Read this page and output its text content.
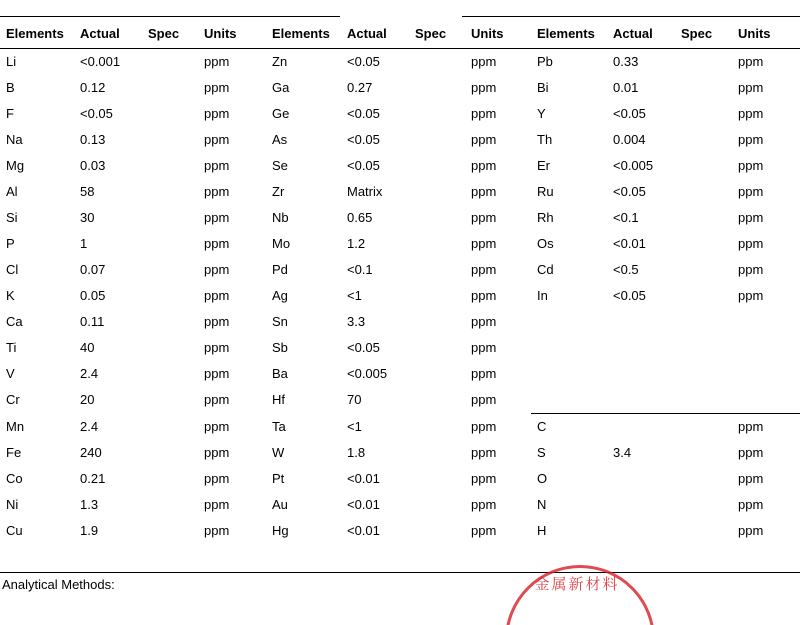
Elements	Actual	Spec	Units	Elements	Actual	Spec	Units	Elements	Actual	Spec	Units
Li	<0.001		ppm	Zn	<0.05		ppm	Pb	0.33		ppm
B	0.12		ppm	Ga	0.27		ppm	Bi	0.01		ppm
F	<0.05		ppm	Ge	<0.05		ppm	Y	<0.05		ppm
Na	0.13		ppm	As	<0.05		ppm	Th	0.004		ppm
Mg	0.03		ppm	Se	<0.05		ppm	Er	<0.005		ppm
Al	58		ppm	Zr	Matrix		ppm	Ru	<0.05		ppm
Si	30		ppm	Nb	0.65		ppm	Rh	<0.1		ppm
P	1		ppm	Mo	1.2		ppm	Os	<0.01		ppm
Cl	0.07		ppm	Pd	<0.1		ppm	Cd	<0.5		ppm
K	0.05		ppm	Ag	<1		ppm	In	<0.05		ppm
Ca	0.11		ppm	Sn	3.3		ppm				
Ti	40		ppm	Sb	<0.05		ppm				
V	2.4		ppm	Ba	<0.005		ppm				
Cr	20		ppm	Hf	70		ppm				
Mn	2.4		ppm	Ta	<1		ppm	C			ppm
Fe	240		ppm	W	1.8		ppm	S	3.4		ppm
Co	0.21		ppm	Pt	<0.01		ppm	O			ppm
Ni	1.3		ppm	Au	<0.01		ppm	N			ppm
Cu	1.9		ppm	Hg	<0.01		ppm	H			ppm
Analytical Methods:	金属新材料
